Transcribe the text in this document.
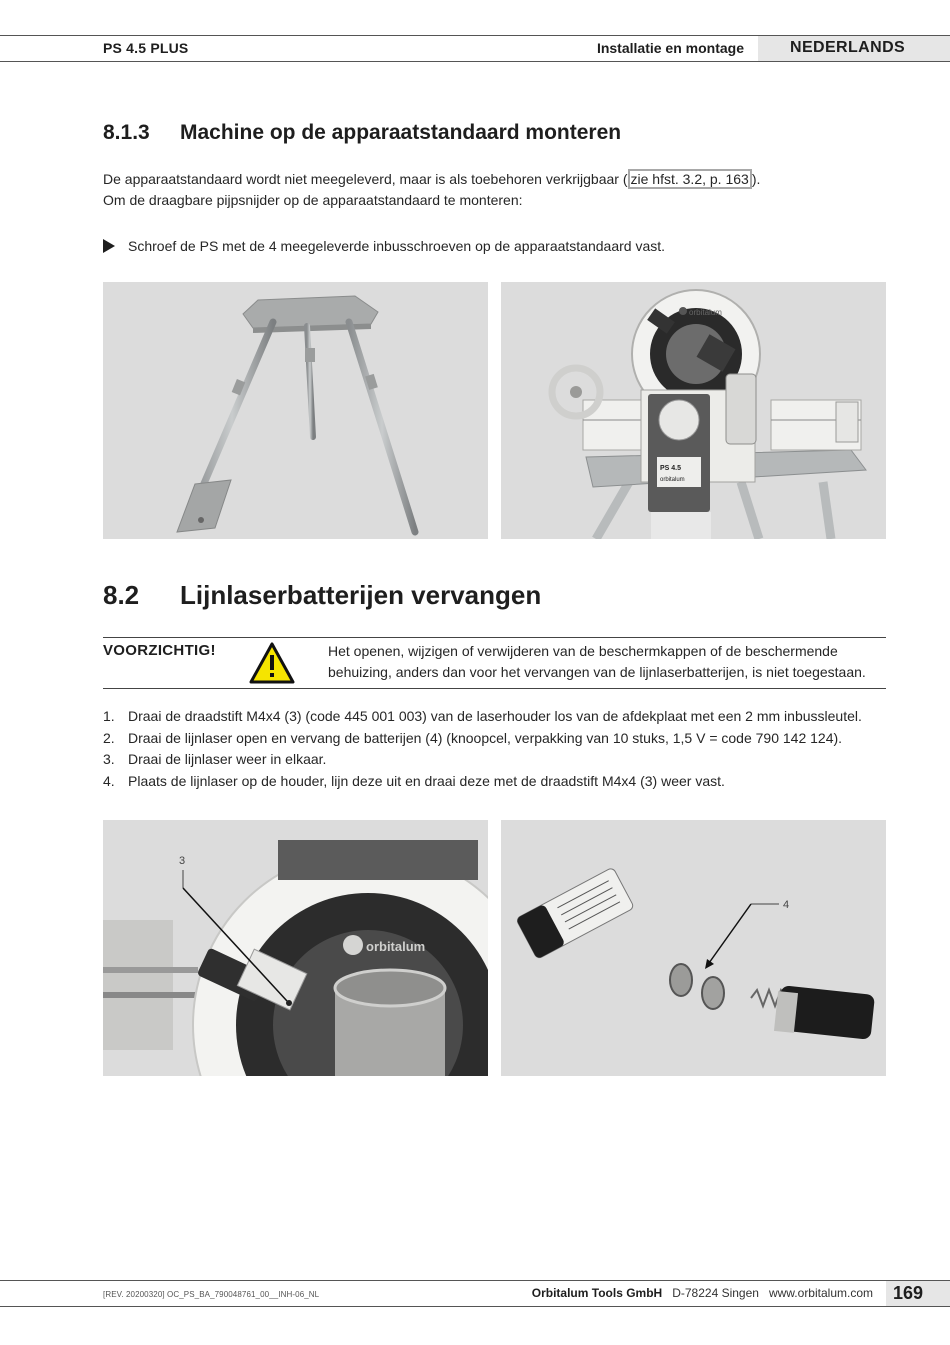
PS 4.5 PLUS	Installatie en montage	NEDERLANDS
8.1.3 Machine op de apparaatstandaard monteren
De apparaatstandaard wordt niet meegeleverd, maar is als toebehoren verkrijgbaar ( zie hfst. 3.2, p. 163 ).
Om de draagbare pijpsnijder op de apparaatstandaard te monteren:
Schroef de PS met de 4 meegeleverde inbusschroeven op de apparaatstandaard vast.
orbitalum
PS 4.5
orbitalum
8.2 Lijnlaserbatterijen vervangen
VOORZICHTIG!	Het openen, wijzigen of verwijderen van de beschermkappen of de beschermende behuizing, anders dan voor het vervangen van de lijnlaserbatterijen, is niet toegestaan.
1. Draai de draadstift M4x4 (3) (code 445 001 003) van de laserhouder los van de afdekplaat met een 2 mm inbussleutel.
2. Draai de lijnlaser open en vervang de batterijen (4) (knoopcel, verpakking van 10 stuks, 1,5 V = code 790 142 124).
3. Draai de lijnlaser weer in elkaar.
4. Plaats de lijnlaser op de houder, lijn deze uit en draai deze met de draadstift M4x4 (3) weer vast.
orbitalum
3
4
[REV. 20200320] OC_PS_BA_790048761_00__INH-06_NL	Orbitalum Tools GmbH D-78224 Singen www.orbitalum.com 169
